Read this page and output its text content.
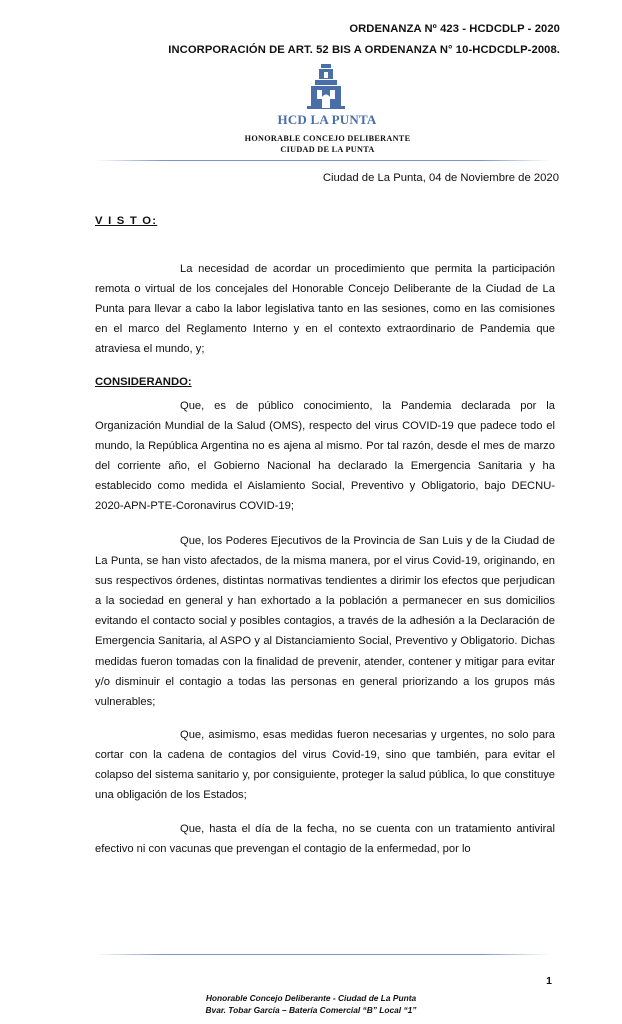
ORDENANZA Nº 423 - HCDCDLP - 2020
INCORPORACIÓN DE ART. 52 BIS A ORDENANZA N° 10-HCDCDLP-2008.
HCD LA PUNTA
HONORABLE CONCEJO DELIBERANTE
CIUDAD DE LA PUNTA
Ciudad de La Punta, 04 de Noviembre de 2020
V I S T O:

La necesidad de acordar un procedimiento que permita la participación remota o virtual de los concejales del Honorable Concejo Deliberante de la Ciudad de La Punta para llevar a cabo la labor legislativa tanto en las sesiones, como en las comisiones en el marco del Reglamento Interno y en el contexto extraordinario de Pandemia que atraviesa el mundo, y;

CONSIDERANDO:

Que, es de público conocimiento, la Pandemia declarada por la Organización Mundial de la Salud (OMS), respecto del virus COVID-19 que padece todo el mundo, la República Argentina no es ajena al mismo. Por tal razón, desde el mes de marzo del corriente año, el Gobierno Nacional ha declarado la Emergencia Sanitaria y ha establecido como medida el Aislamiento Social, Preventivo y Obligatorio, bajo DECNU-2020-APN-PTE-Coronavirus COVID-19;

Que, los Poderes Ejecutivos de la Provincia de San Luis y de la Ciudad de La Punta, se han visto afectados, de la misma manera, por el virus Covid-19, originando, en sus respectivos órdenes, distintas normativas tendientes a dirimir los efectos que perjudican a la sociedad en general y han exhortado a la población a permanecer en sus domicilios evitando el contacto social y posibles contagios, a través de la adhesión a la Declaración de Emergencia Sanitaria, al ASPO y al Distanciamiento Social, Preventivo y Obligatorio. Dichas medidas fueron tomadas con la finalidad de prevenir, atender, contener y mitigar para evitar y/o disminuir el contagio a todas las personas en general priorizando a los grupos más vulnerables;

Que, asimismo, esas medidas fueron necesarias y urgentes, no solo para cortar con la cadena de contagios del virus Covid-19, sino que también, para evitar el colapso del sistema sanitario y, por consiguiente, proteger la salud pública, lo que constituye una obligación de los Estados;

Que, hasta el día de la fecha, no se cuenta con un tratamiento antiviral efectivo ni con vacunas que prevengan el contagio de la enfermedad, por lo

1
Honorable Concejo Deliberante - Ciudad de La Punta
Bvar. Tobar García – Batería Comercial “B” Local “1”
